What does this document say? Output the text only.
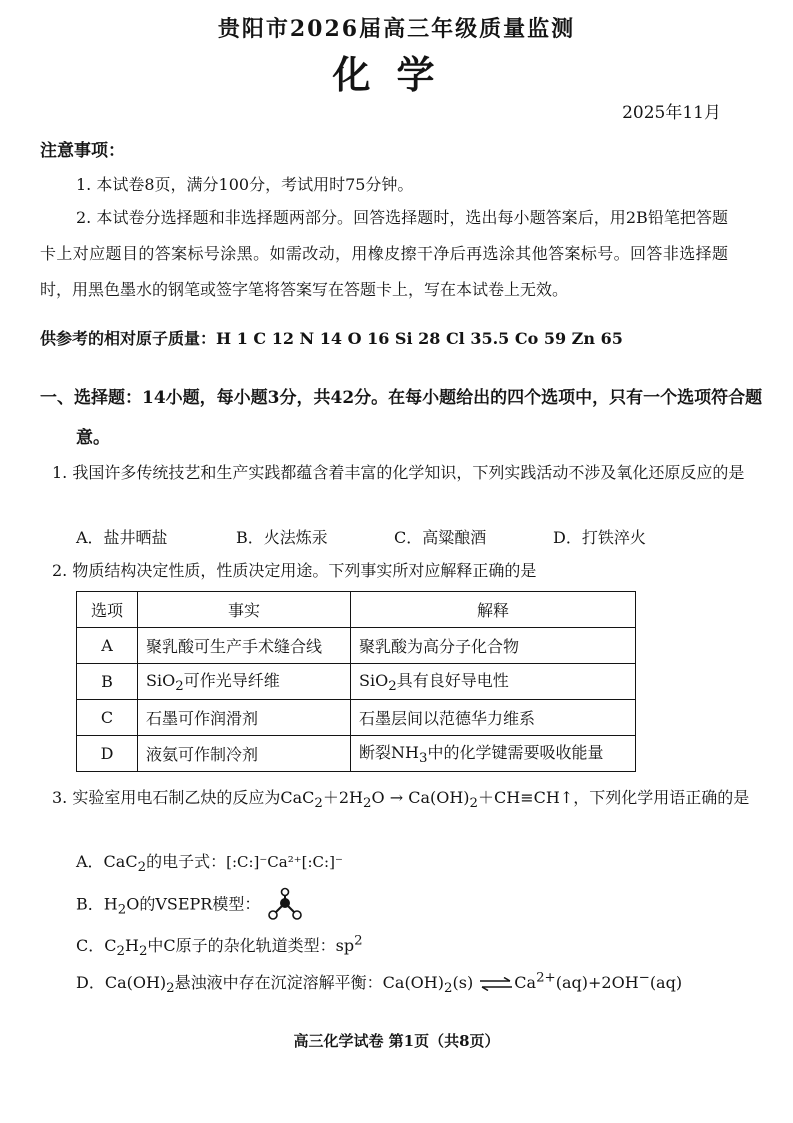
贵阳市2026届高三年级质量监测
化学
2025年11月
注意事项：
1. 本试卷8页，满分100分，考试用时75分钟。
2. 本试卷分选择题和非选择题两部分。回答选择题时，选出每小题答案后，用2B铅笔把答题卡上对应题目的答案标号涂黑。如需改动，用橡皮擦干净后再选涂其他答案标号。回答非选择题时，用黑色墨水的钢笔或签字笔将答案写在答题卡上，写在本试卷上无效。
供参考的相对原子质量：H 1 C 12 N 14 O 16 Si 28 Cl 35.5 Co 59 Zn 65
一、选择题：14小题，每小题3分，共42分。在每小题给出的四个选项中，只有一个选项符合题意。
1. 我国许多传统技艺和生产实践都蕴含着丰富的化学知识，下列实践活动不涉及氧化还原反应的是
A．盐井晒盐	B．火法炼汞	C．高粱酿酒	D．打铁淬火
2. 物质结构决定性质，性质决定用途。下列事实所对应解释正确的是
选项	事实	解释
A	聚乳酸可生产手术缝合线	聚乳酸为高分子化合物
B	SiO$_2$可作光导纤维	SiO$_2$具有良好导电性
C	石墨可作润滑剂	石墨层间以范德华力维系
D	液氨可作制冷剂	断裂$NH_3$中的化学键需要吸收能量
3. 实验室用电石制乙炔的反应为$CaC_2+2H_2O$ → $Ca(OH)_2+CH\equiv CH↑$，下列化学用语正确的是
A．CaC$_2$的电子式：[:C:]⁻Ca²⁺[:C:]⁻
B．$H_2O$的VSEPR模型：
C．$C_2H_2$中C原子的杂化轨道类型：$sp^2$
D．$Ca(OH)_2$悬浊液中存在沉淀溶解平衡：$Ca(OH)_2(s)$ $\rightleftharpoons Ca^{2+}(aq)+2OH^-(aq)$
高三化学试卷 第1页（共8页）
